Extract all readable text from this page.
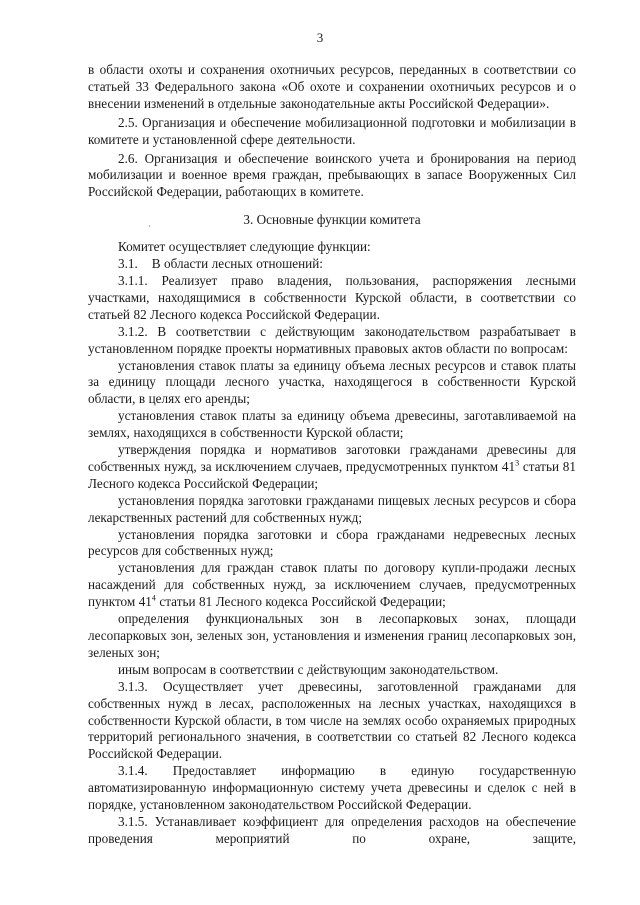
3

в области охоты и сохранения охотничьих ресурсов, переданных в соответствии со статьей 33 Федерального закона «Об охоте и сохранении охотничьих ресурсов и о внесении изменений в отдельные законодательные акты Российской Федерации».

2.5. Организация и обеспечение мобилизационной подготовки и мобилизации в комитете и установленной сфере деятельности.

2.6. Организация и обеспечение воинского учета и бронирования на период мобилизации и военное время граждан, пребывающих в запасе Вооруженных Сил Российской Федерации, работающих в комитете.

ˎ	3. Основные функции комитета

Комитет осуществляет следующие функции:

3.1.    В области лесных отношений:

3.1.1. Реализует право владения, пользования, распоряжения лесными участками, находящимися в собственности Курской области, в соответствии со статьей 82 Лесного кодекса Российской Федерации.

3.1.2. В соответствии с действующим законодательством разрабатывает в установленном порядке проекты нормативных правовых актов области по вопросам:

установления ставок платы за единицу объема лесных ресурсов и ставок платы за единицу площади лесного участка, находящегося в собственности Курской области, в целях его аренды;

установления ставок платы за единицу объема древесины, заготавливаемой на землях, находящихся в собственности Курской области;

утверждения порядка и нормативов заготовки гражданами древесины для собственных нужд, за исключением случаев, предусмотренных пунктом $41^3$ статьи 81 Лесного кодекса Российской Федерации;

установления порядка заготовки гражданами пищевых лесных ресурсов и сбора лекарственных растений для собственных нужд;

установления порядка заготовки и сбора гражданами недревесных лесных ресурсов для собственных нужд;

установления для граждан ставок платы по договору купли-продажи лесных насаждений для собственных нужд, за исключением случаев, предусмотренных пунктом $41^4$ статьи 81 Лесного кодекса Российской Федерации;

определения функциональных зон в лесопарковых зонах, площади лесопарковых зон, зеленых зон, установления и изменения границ лесопарковых зон, зеленых зон;

иным вопросам в соответствии с действующим законодательством.

3.1.3. Осуществляет учет древесины, заготовленной гражданами для собственных нужд в лесах, расположенных на лесных участках, находящихся в собственности Курской области, в том числе на землях особо охраняемых природных территорий регионального значения, в соответствии со статьей 82 Лесного кодекса Российской Федерации.

3.1.4. Предоставляет информацию в единую государственную автоматизированную информационную систему учета древесины и сделок с ней в порядке, установленном законодательством Российской Федерации.

3.1.5. Устанавливает коэффициент для определения расходов на обеспечение проведения мероприятий по охране, защите,
